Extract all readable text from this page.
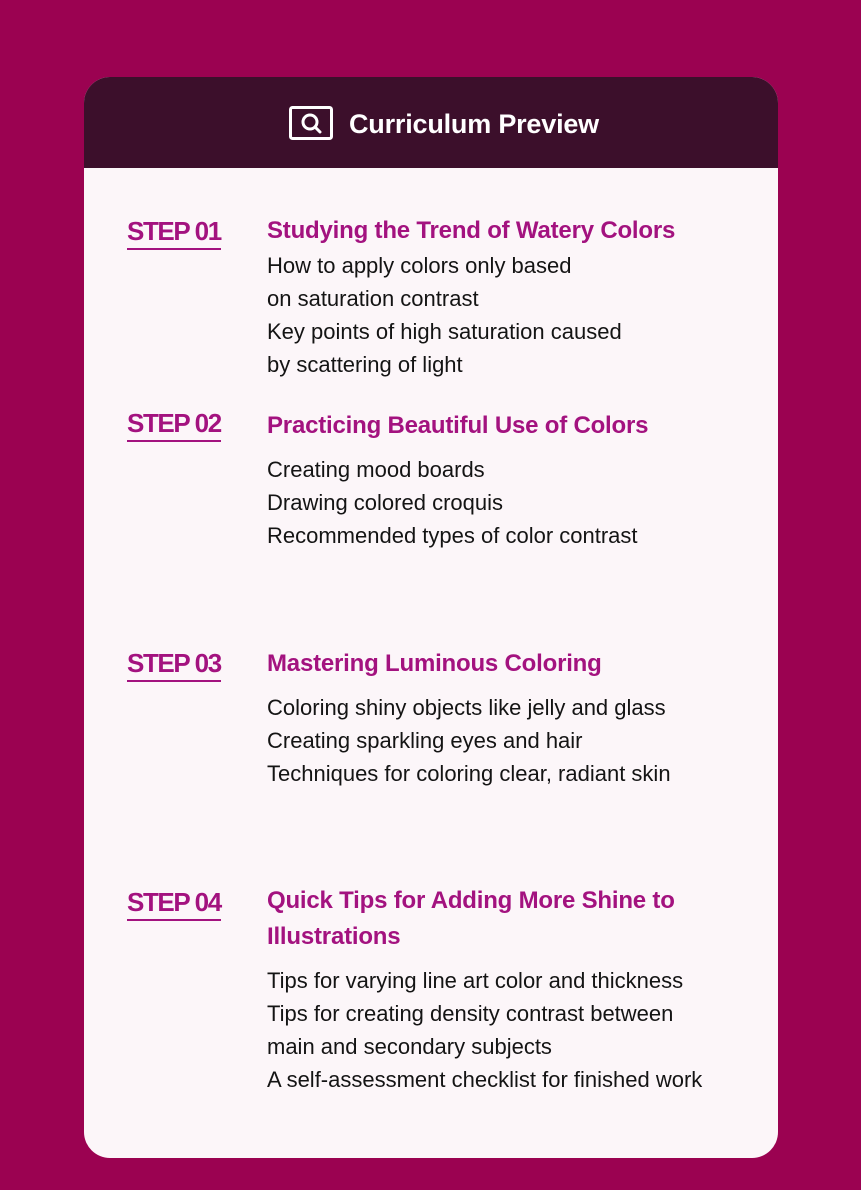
Curriculum Preview
STEP 01 Studying the Trend of Watery Colors
How to apply colors only based
on saturation contrast
Key points of high saturation caused
by scattering of light
STEP 02 Practicing Beautiful Use of Colors
Creating mood boards
Drawing colored croquis
Recommended types of color contrast
STEP 03 Mastering Luminous Coloring
Coloring shiny objects like jelly and glass
Creating sparkling eyes and hair
Techniques for coloring clear, radiant skin
STEP 04 Quick Tips for Adding More Shine to Illustrations
Tips for varying line art color and thickness
Tips for creating density contrast between
main and secondary subjects
A self-assessment checklist for finished work
